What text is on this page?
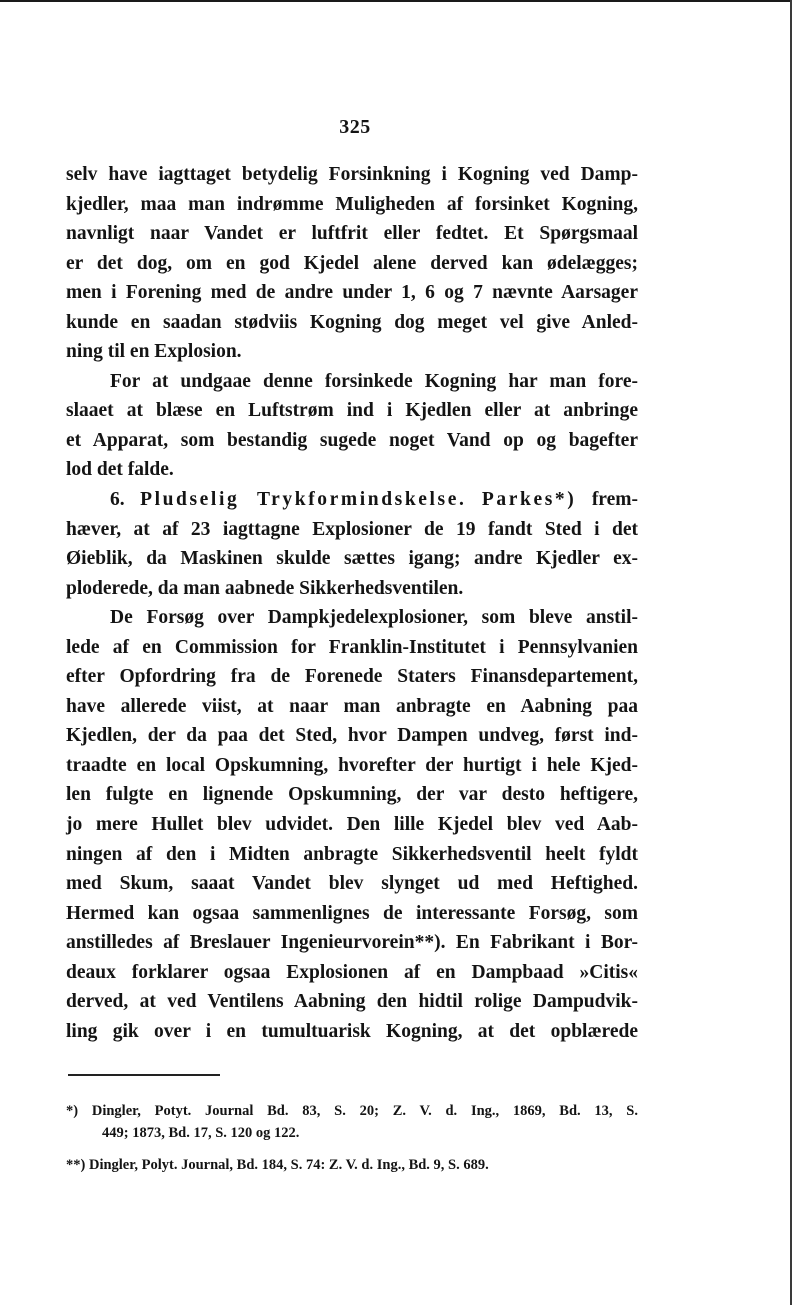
325
selv have iagttaget betydelig Forsinkning i Kogning ved Damp-
kjedler, maa man indrømme Muligheden af forsinket Kogning,
navnligt naar Vandet er luftfrit eller fedtet. Et Spørgsmaal
er det dog, om en god Kjedel alene derved kan ødelægges;
men i Forening med de andre under 1, 6 og 7 nævnte Aarsager
kunde en saadan stødviis Kogning dog meget vel give Anled-
ning til en Explosion.
For at undgaae denne forsinkede Kogning har man fore-
slaaet at blæse en Luftstrøm ind i Kjedlen eller at anbringe
et Apparat, som bestandig sugede noget Vand op og bagefter
lod det falde.
6. Pludselig Trykformindskelse. Parkes*) frem-
hæver, at af 23 iagttagne Explosioner de 19 fandt Sted i det
Øieblik, da Maskinen skulde sættes igang; andre Kjedler ex-
ploderede, da man aabnede Sikkerhedsventilen.
De Forsøg over Dampkjedelexplosioner, som bleve anstil-
lede af en Commission for Franklin-Institutet i Pennsylvanien
efter Opfordring fra de Forenede Staters Finansdepartement,
have allerede viist, at naar man anbragte en Aabning paa
Kjedlen, der da paa det Sted, hvor Dampen undveg, først ind-
traadte en local Opskumning, hvorefter der hurtigt i hele Kjed-
len fulgte en lignende Opskumning, der var desto heftigere,
jo mere Hullet blev udvidet. Den lille Kjedel blev ved Aab-
ningen af den i Midten anbragte Sikkerhedsventil heelt fyldt
med Skum, saaat Vandet blev slynget ud med Heftighed.
Hermed kan ogsaa sammenlignes de interessante Forsøg, som
anstilledes af Breslauer Ingenieurvorein**). En Fabrikant i Bor-
deaux forklarer ogsaa Explosionen af en Dampbaad »Citis«
derved, at ved Ventilens Aabning den hidtil rolige Dampudvik-
ling gik over i en tumultuarisk Kogning, at det opblærede
*) Dingler, Potyt. Journal Bd. 83, S. 20; Z. V. d. Ing., 1869, Bd. 13, S.
449; 1873, Bd. 17, S. 120 og 122.
**) Dingler, Polyt. Journal, Bd. 184, S. 74: Z. V. d. Ing., Bd. 9, S. 689.
